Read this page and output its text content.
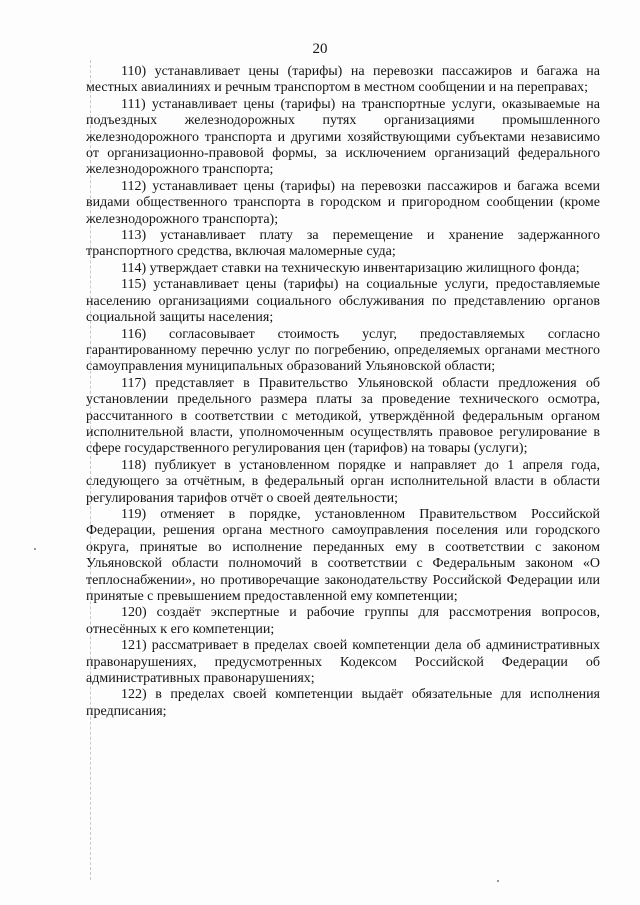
20

110) устанавливает цены (тарифы) на перевозки пассажиров и багажа на местных авиалиниях и речным транспортом в местном сообщении и на переправах;

111) устанавливает цены (тарифы) на транспортные услуги, оказываемые на подъездных железнодорожных путях организациями промышленного железнодорожного транспорта и другими хозяйствующими субъектами независимо от организационно-правовой формы, за исключением организаций федерального железнодорожного транспорта;

112) устанавливает цены (тарифы) на перевозки пассажиров и багажа всеми видами общественного транспорта в городском и пригородном сообщении (кроме железнодорожного транспорта);

113) устанавливает плату за перемещение и хранение задержанного транспортного средства, включая маломерные суда;

114) утверждает ставки на техническую инвентаризацию жилищного фонда;

115) устанавливает цены (тарифы) на социальные услуги, предоставляемые населению организациями социального обслуживания по представлению органов социальной защиты населения;

116) согласовывает стоимость услуг, предоставляемых согласно гарантированному перечню услуг по погребению, определяемых органами местного самоуправления муниципальных образований Ульяновской области;

117) представляет в Правительство Ульяновской области предложения об установлении предельного размера платы за проведение технического осмотра, рассчитанного в соответствии с методикой, утверждённой федеральным органом исполнительной власти, уполномоченным осуществлять правовое регулирование в сфере государственного регулирования цен (тарифов) на товары (услуги);

118) публикует в установленном порядке и направляет до 1 апреля года, следующего за отчётным, в федеральный орган исполнительной власти в области регулирования тарифов отчёт о своей деятельности;

119) отменяет в порядке, установленном Правительством Российской Федерации, решения органа местного самоуправления поселения или городского округа, принятые во исполнение переданных ему в соответствии с законом Ульяновской области полномочий в соответствии с Федеральным законом «О теплоснабжении», но противоречащие законодательству Российской Федерации или принятые с превышением предоставленной ему компетенции;

120) создаёт экспертные и рабочие группы для рассмотрения вопросов, отнесённых к его компетенции;

121) рассматривает в пределах своей компетенции дела об административных правонарушениях, предусмотренных Кодексом Российской Федерации об административных правонарушениях;

122) в пределах своей компетенции выдаёт обязательные для исполнения предписания;
